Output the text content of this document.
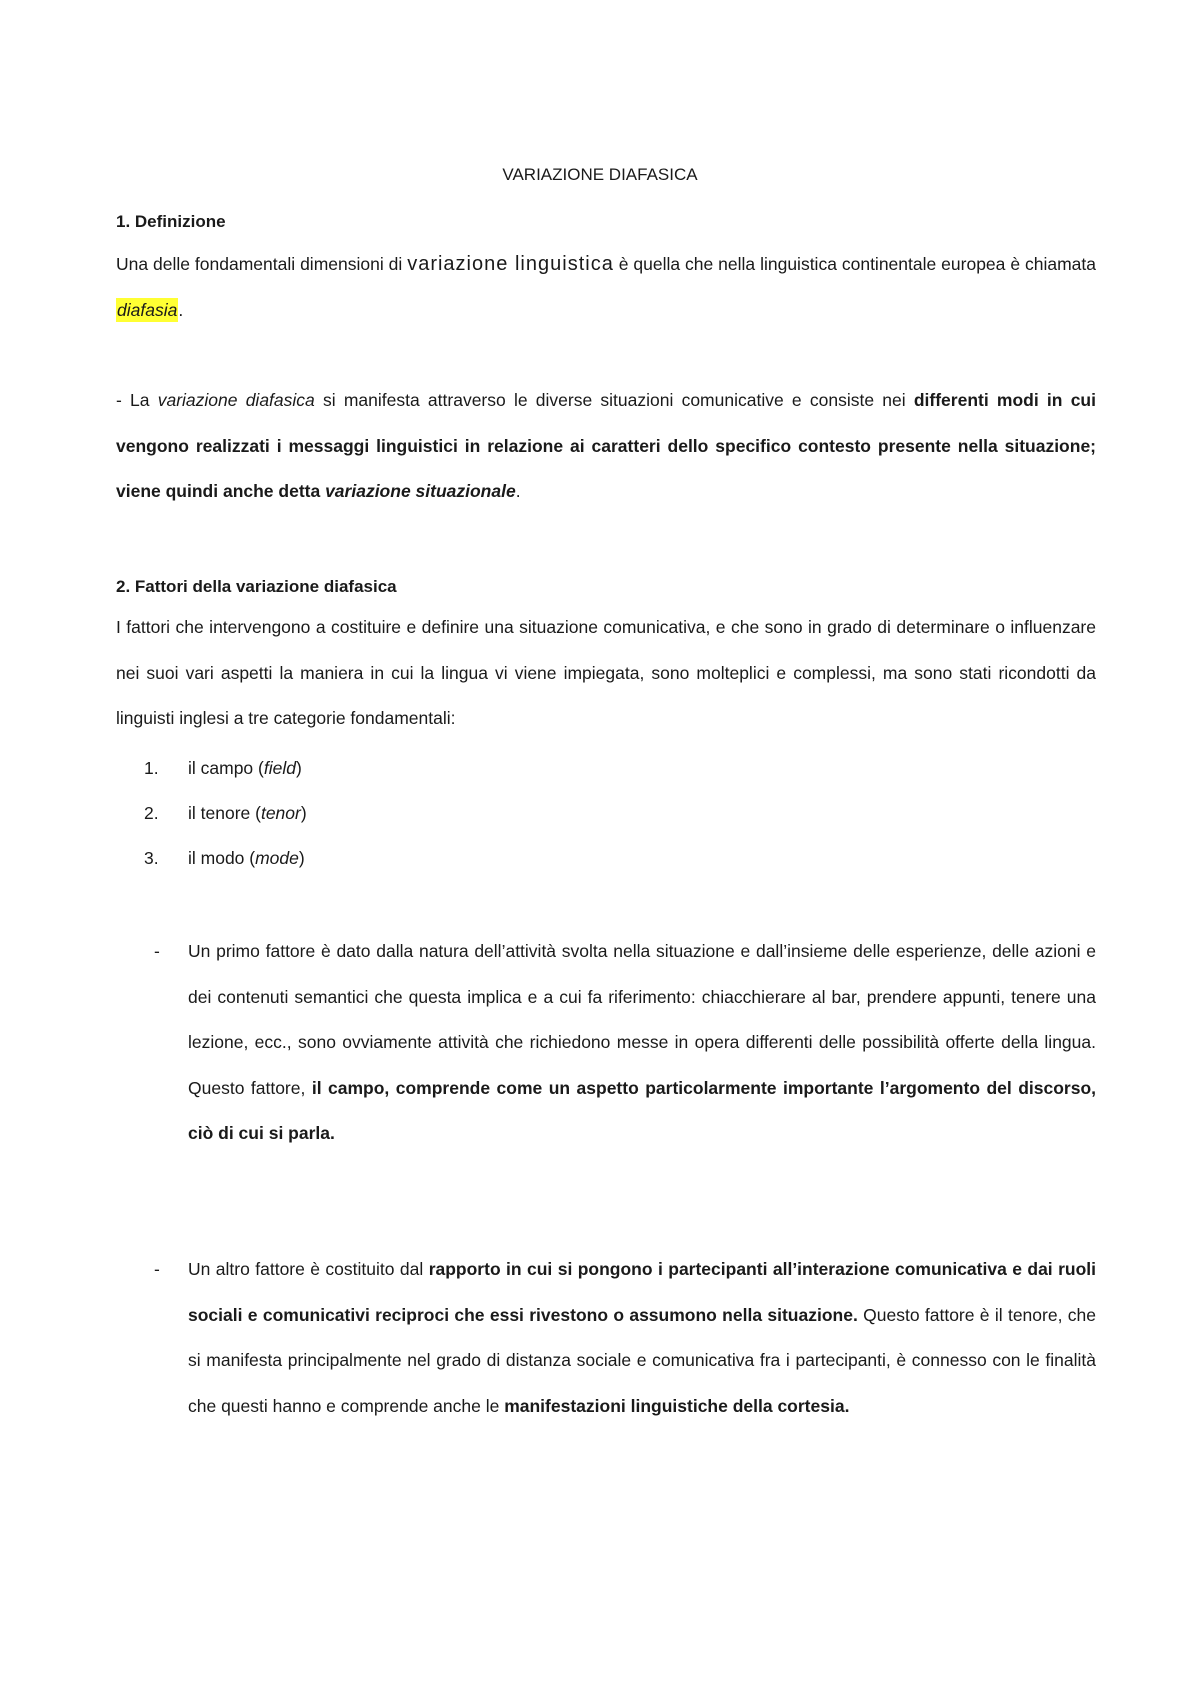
VARIAZIONE DIAFASICA
1. Definizione
Una delle fondamentali dimensioni di variazione linguistica è quella che nella linguistica continentale europea è chiamata diafasia.
- La variazione diafasica si manifesta attraverso le diverse situazioni comunicative e consiste nei differenti modi in cui vengono realizzati i messaggi linguistici in relazione ai caratteri dello specifico contesto presente nella situazione; viene quindi anche detta variazione situazionale.
2. Fattori della variazione diafasica
I fattori che intervengono a costituire e definire una situazione comunicativa, e che sono in grado di determinare o influenzare nei suoi vari aspetti la maniera in cui la lingua vi viene impiegata, sono molteplici e complessi, ma sono stati ricondotti da linguisti inglesi a tre categorie fondamentali:
1. il campo (field)
2. il tenore (tenor)
3. il modo (mode)
- Un primo fattore è dato dalla natura dell’attività svolta nella situazione e dall’insieme delle esperienze, delle azioni e dei contenuti semantici che questa implica e a cui fa riferimento: chiacchierare al bar, prendere appunti, tenere una lezione, ecc., sono ovviamente attività che richiedono messe in opera differenti delle possibilità offerte della lingua. Questo fattore, il campo, comprende come un aspetto particolarmente importante l’argomento del discorso, ciò di cui si parla.
- Un altro fattore è costituito dal rapporto in cui si pongono i partecipanti all’interazione comunicativa e dai ruoli sociali e comunicativi reciproci che essi rivestono o assumono nella situazione. Questo fattore è il tenore, che si manifesta principalmente nel grado di distanza sociale e comunicativa fra i partecipanti, è connesso con le finalità che questi hanno e comprende anche le manifestazioni linguistiche della cortesia.
